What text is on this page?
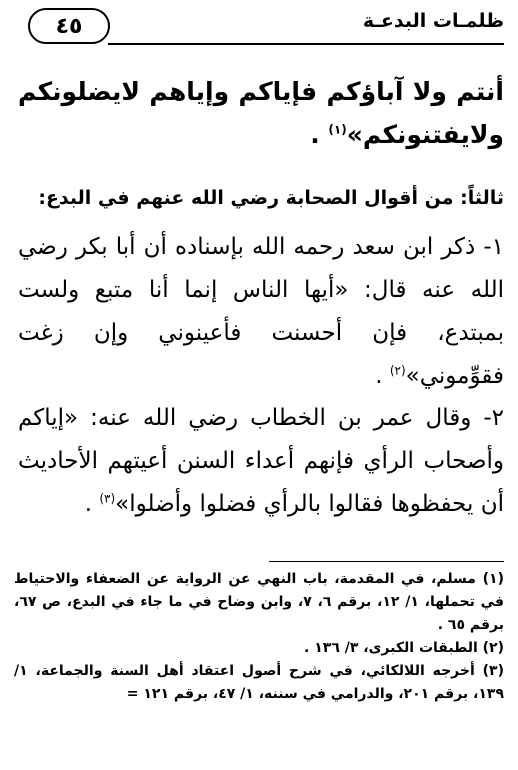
ظلمـات البدعـة
٤٥
أنتم ولا آباؤكم فإياكم وإياهم لايضلونكم ولايفتنونكم»$^{(١)}$ .
ثالثاً: من أقوال الصحابة رضي الله عنهم في البدع:
١- ذكر ابن سعد رحمه الله بإسناده أن أبا بكر رضي الله عنه قال: «أيها الناس إنما أنا متبع ولست بمبتدع، فإن أحسنت فأعينوني وإن زغت فقوِّموني»$^{(٢)}$ .
٢- وقال عمر بن الخطاب رضي الله عنه: «إياكم وأصحاب الرأي فإنهم أعداء السنن أعيتهم الأحاديث أن يحفظوها فقالوا بالرأي فضلوا وأضلوا»$^{(٣)}$ .
(١) مسلم، في المقدمة، باب النهي عن الرواية عن الضعفاء والاحتياط في تحملها، ١/ ١٢، برقم ٦، ٧، وابن وضاح في ما جاء في البدع، ص ٦٧، برقم ٦٥ .
(٢) الطبقات الكبرى، ٣/ ١٣٦ .
(٣) أخرجه اللالكائي، في شرح أصول اعتقاد أهل السنة والجماعة، ١/ ١٣٩، برقم ٢٠١، والدرامي في سننه، ١/ ٤٧، برقم ١٢١ =
